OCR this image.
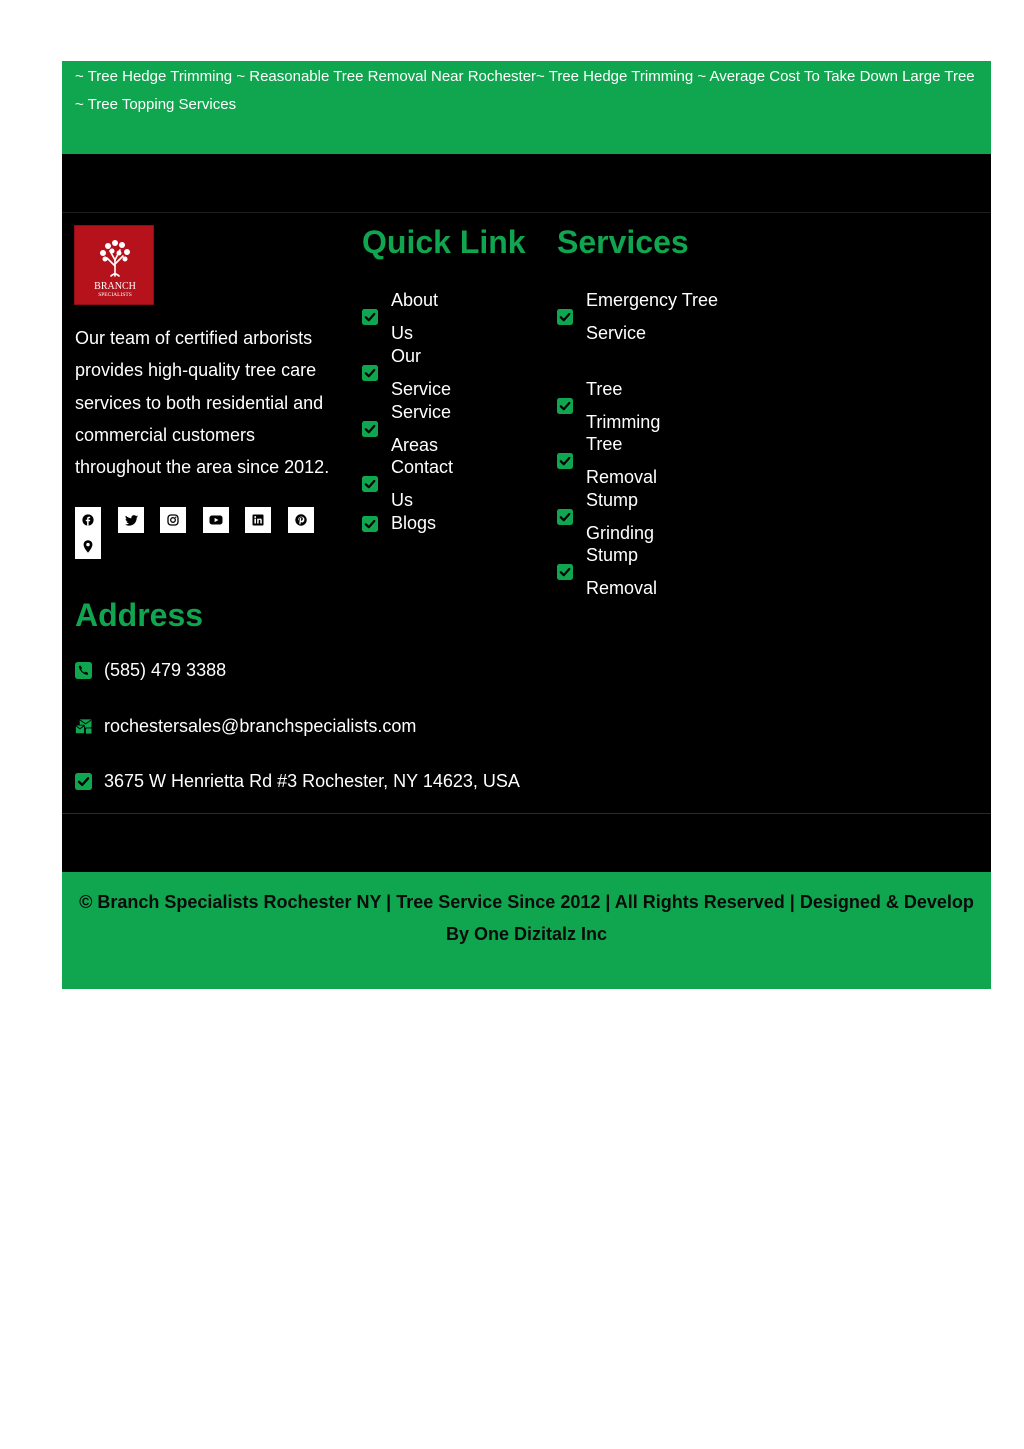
~ Tree Hedge Trimming ~ Reasonable Tree Removal Near Rochester~ Tree Hedge Trimming ~ Average Cost To Take Down Large Tree ~ Tree Topping Services

BRANCH
SPECIALISTS

Our team of certified arborists provides high-quality tree care services to both residential and commercial customers throughout the area since 2012.

Quick Link
About Us
Our Service
Service Areas
Contact Us
Blogs
Services
Emergency Tree Service
Tree Trimming
Tree Removal
Stump Grinding
Stump Removal
Address
(585) 479 3388
rochestersales@branchspecialists.com
3675 W Henrietta Rd #3 Rochester, NY 14623, USA

© Branch Specialists Rochester NY | Tree Service Since 2012 | All Rights Reserved | Designed & Develop By One Dizitalz Inc
